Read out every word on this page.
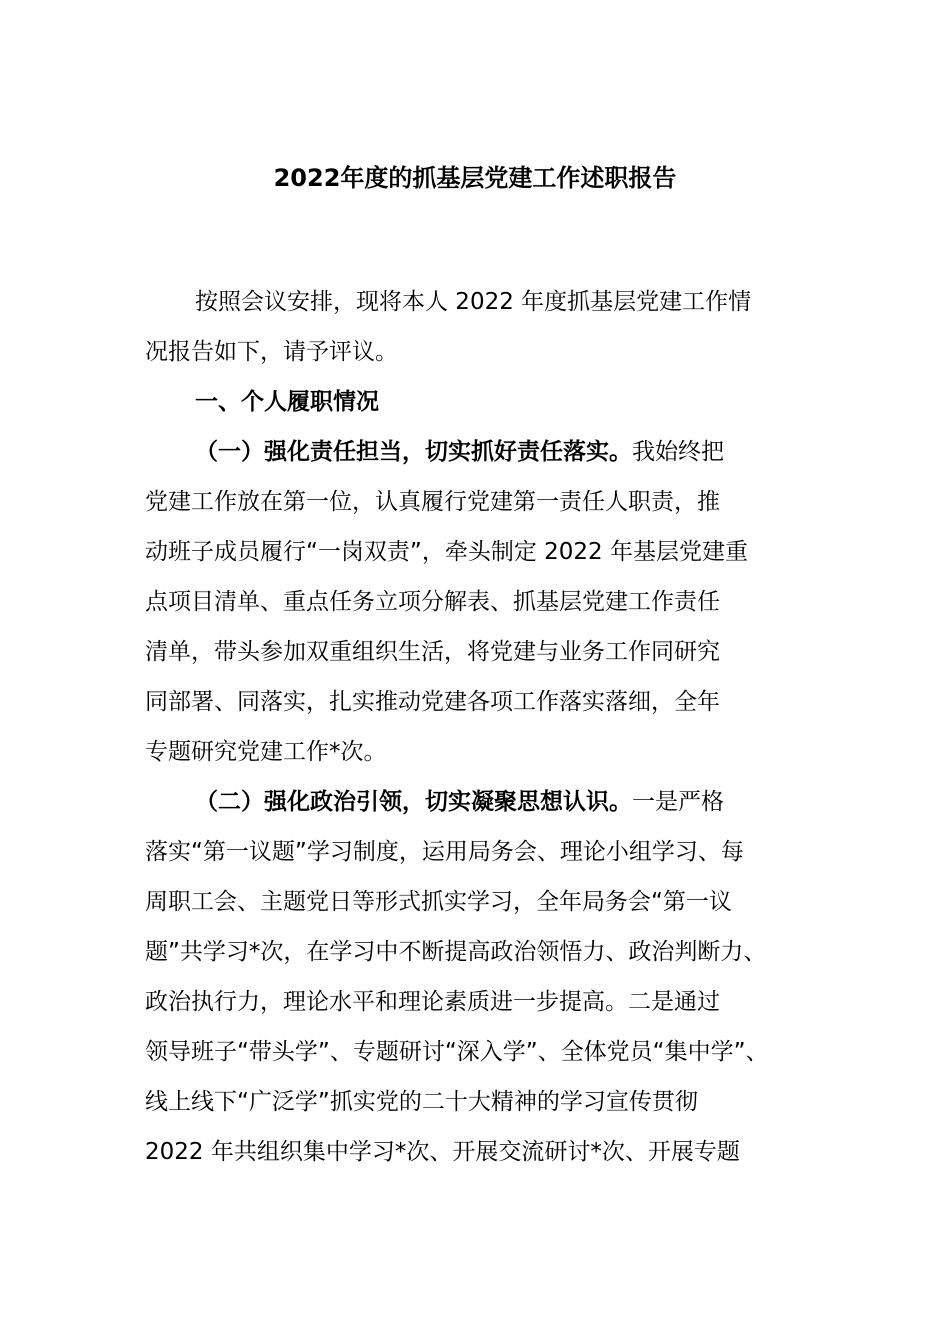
2022年度的抓基层党建工作述职报告
按照会议安排，现将本人 2022 年度抓基层党建工作情
况报告如下，请予评议。
一、个人履职情况
（一）强化责任担当，切实抓好责任落实。我始终把
党建工作放在第一位，认真履行党建第一责任人职责，推
动班子成员履行“一岗双责”，牵头制定 2022 年基层党建重
点项目清单、重点任务立项分解表、抓基层党建工作责任
清单，带头参加双重组织生活，将党建与业务工作同研究
同部署、同落实，扎实推动党建各项工作落实落细，全年
专题研究党建工作*次。
（二）强化政治引领，切实凝聚思想认识。一是严格
落实“第一议题”学习制度，运用局务会、理论小组学习、每
周职工会、主题党日等形式抓实学习，全年局务会“第一议
题”共学习*次，在学习中不断提高政治领悟力、政治判断力、
政治执行力，理论水平和理论素质进一步提高。二是通过
领导班子“带头学”、专题研讨“深入学”、全体党员“集中学”、
线上线下“广泛学”抓实党的二十大精神的学习宣传贯彻
2022 年共组织集中学习*次、开展交流研讨*次、开展专题
